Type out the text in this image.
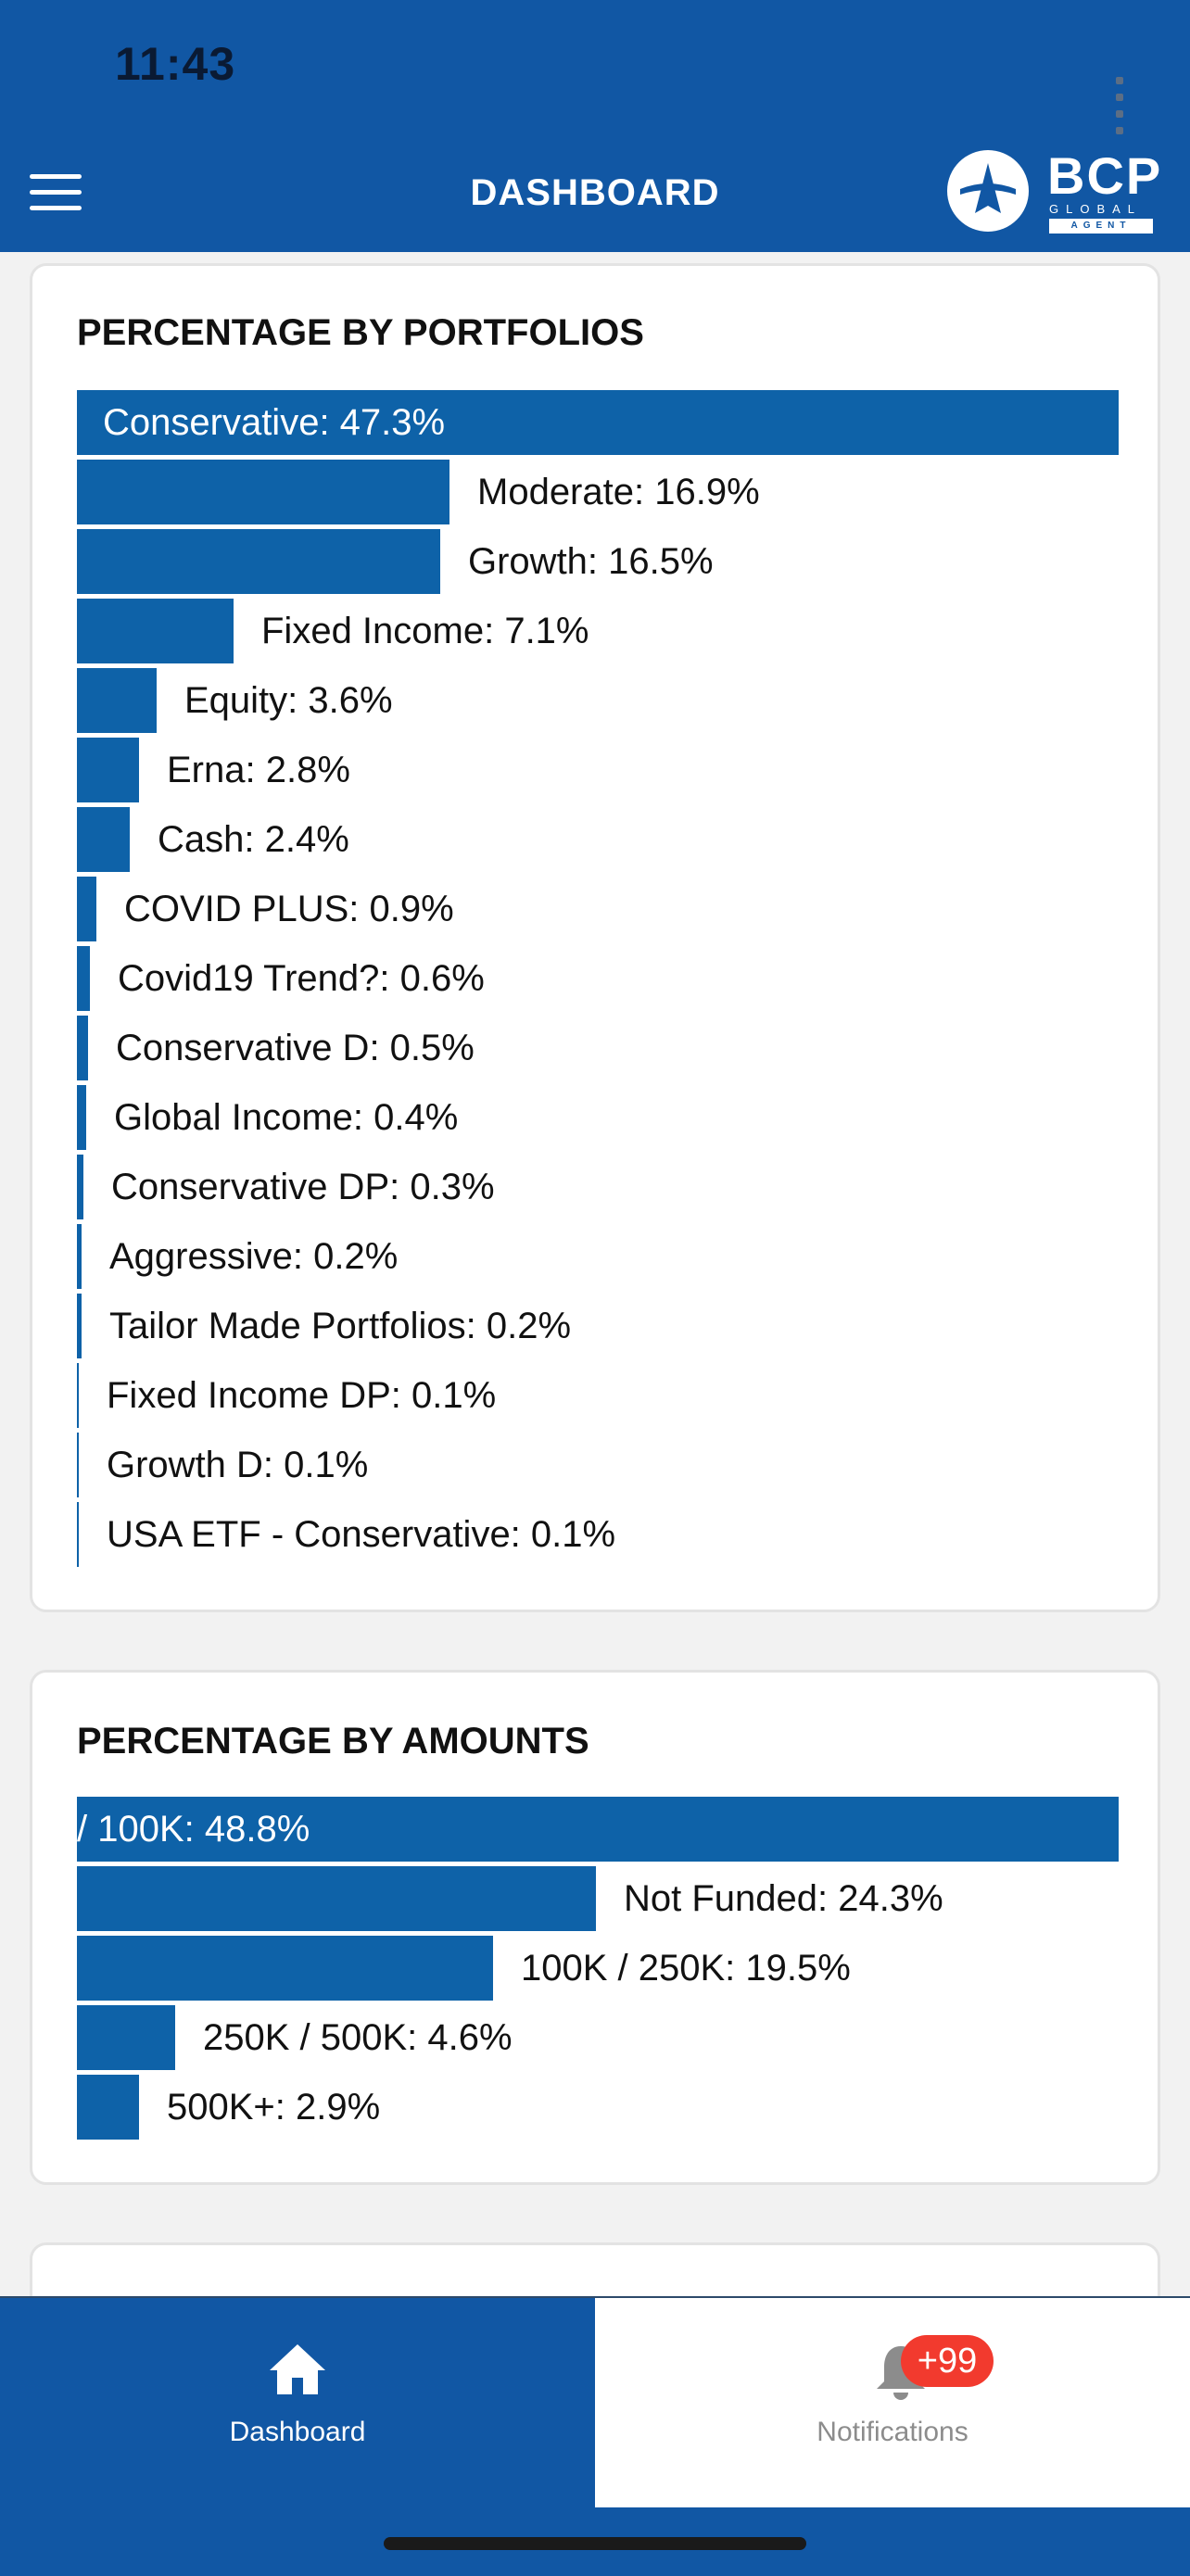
11:43
DASHBOARD	BCP
GLOBAL
AGENT
PERCENTAGE BY PORTFOLIOS
Conservative: 47.3%
Moderate: 16.9%
Growth: 16.5%
Fixed Income: 7.1%
Equity: 3.6%
Erna: 2.8%
Cash: 2.4%
COVID PLUS: 0.9%
Covid19 Trend?: 0.6%
Conservative D: 0.5%
Global Income: 0.4%
Conservative DP: 0.3%
Aggressive: 0.2%
Tailor Made Portfolios: 0.2%
Fixed Income DP: 0.1%
Growth D: 0.1%
USA ETF - Conservative: 0.1%
PERCENTAGE BY AMOUNTS
/ 100K: 48.8%
Not Funded: 24.3%
100K / 250K: 19.5%
250K / 500K: 4.6%
500K+: 2.9%
Dashboard
+99
Notifications
